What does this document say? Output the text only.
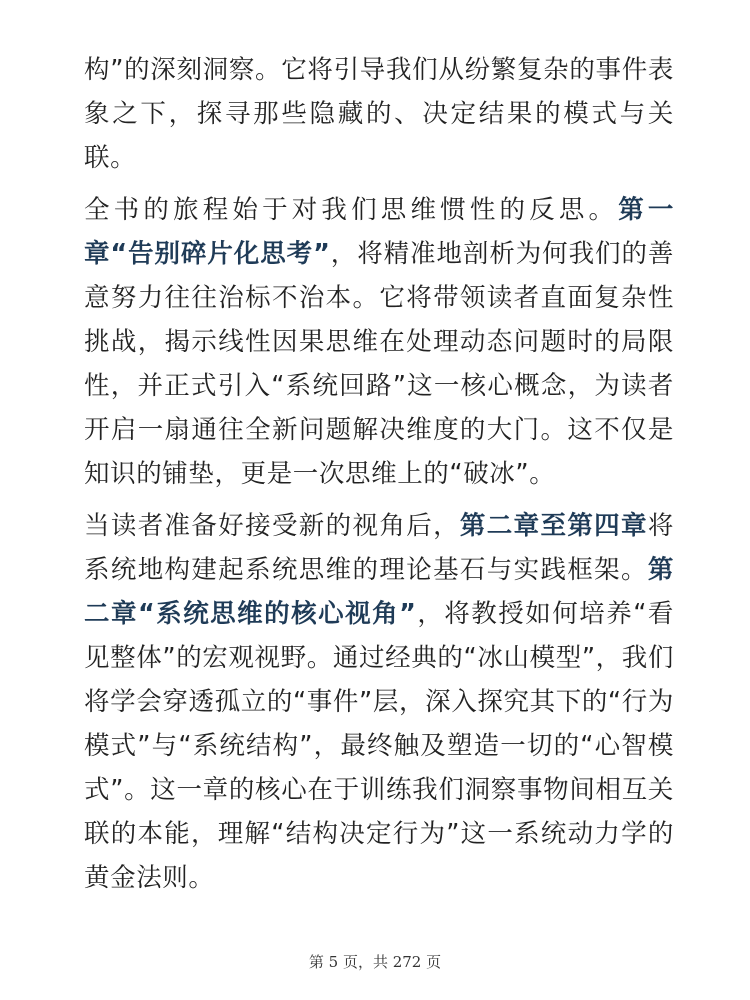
构”的深刻洞察。它将引导我们从纷繁复杂的事件表象之下，探寻那些隐藏的、决定结果的模式与关联。

全书的旅程始于对我们思维惯性的反思。第一章“告别碎片化思考”，将精准地剖析为何我们的善意努力往往治标不治本。它将带领读者直面复杂性挑战，揭示线性因果思维在处理动态问题时的局限性，并正式引入“系统回路”这一核心概念，为读者开启一扇通往全新问题解决维度的大门。这不仅是知识的铺垫，更是一次思维上的“破冰”。

当读者准备好接受新的视角后，第二章至第四章将系统地构建起系统思维的理论基石与实践框架。第二章“系统思维的核心视角”，将教授如何培养“看见整体”的宏观视野。通过经典的“冰山模型”，我们将学会穿透孤立的“事件”层，深入探究其下的“行为模式”与“系统结构”，最终触及塑造一切的“心智模式”。这一章的核心在于训练我们洞察事物间相互关联的本能，理解“结构决定行为”这一系统动力学的黄金法则。

第 5 页，共 272 页
